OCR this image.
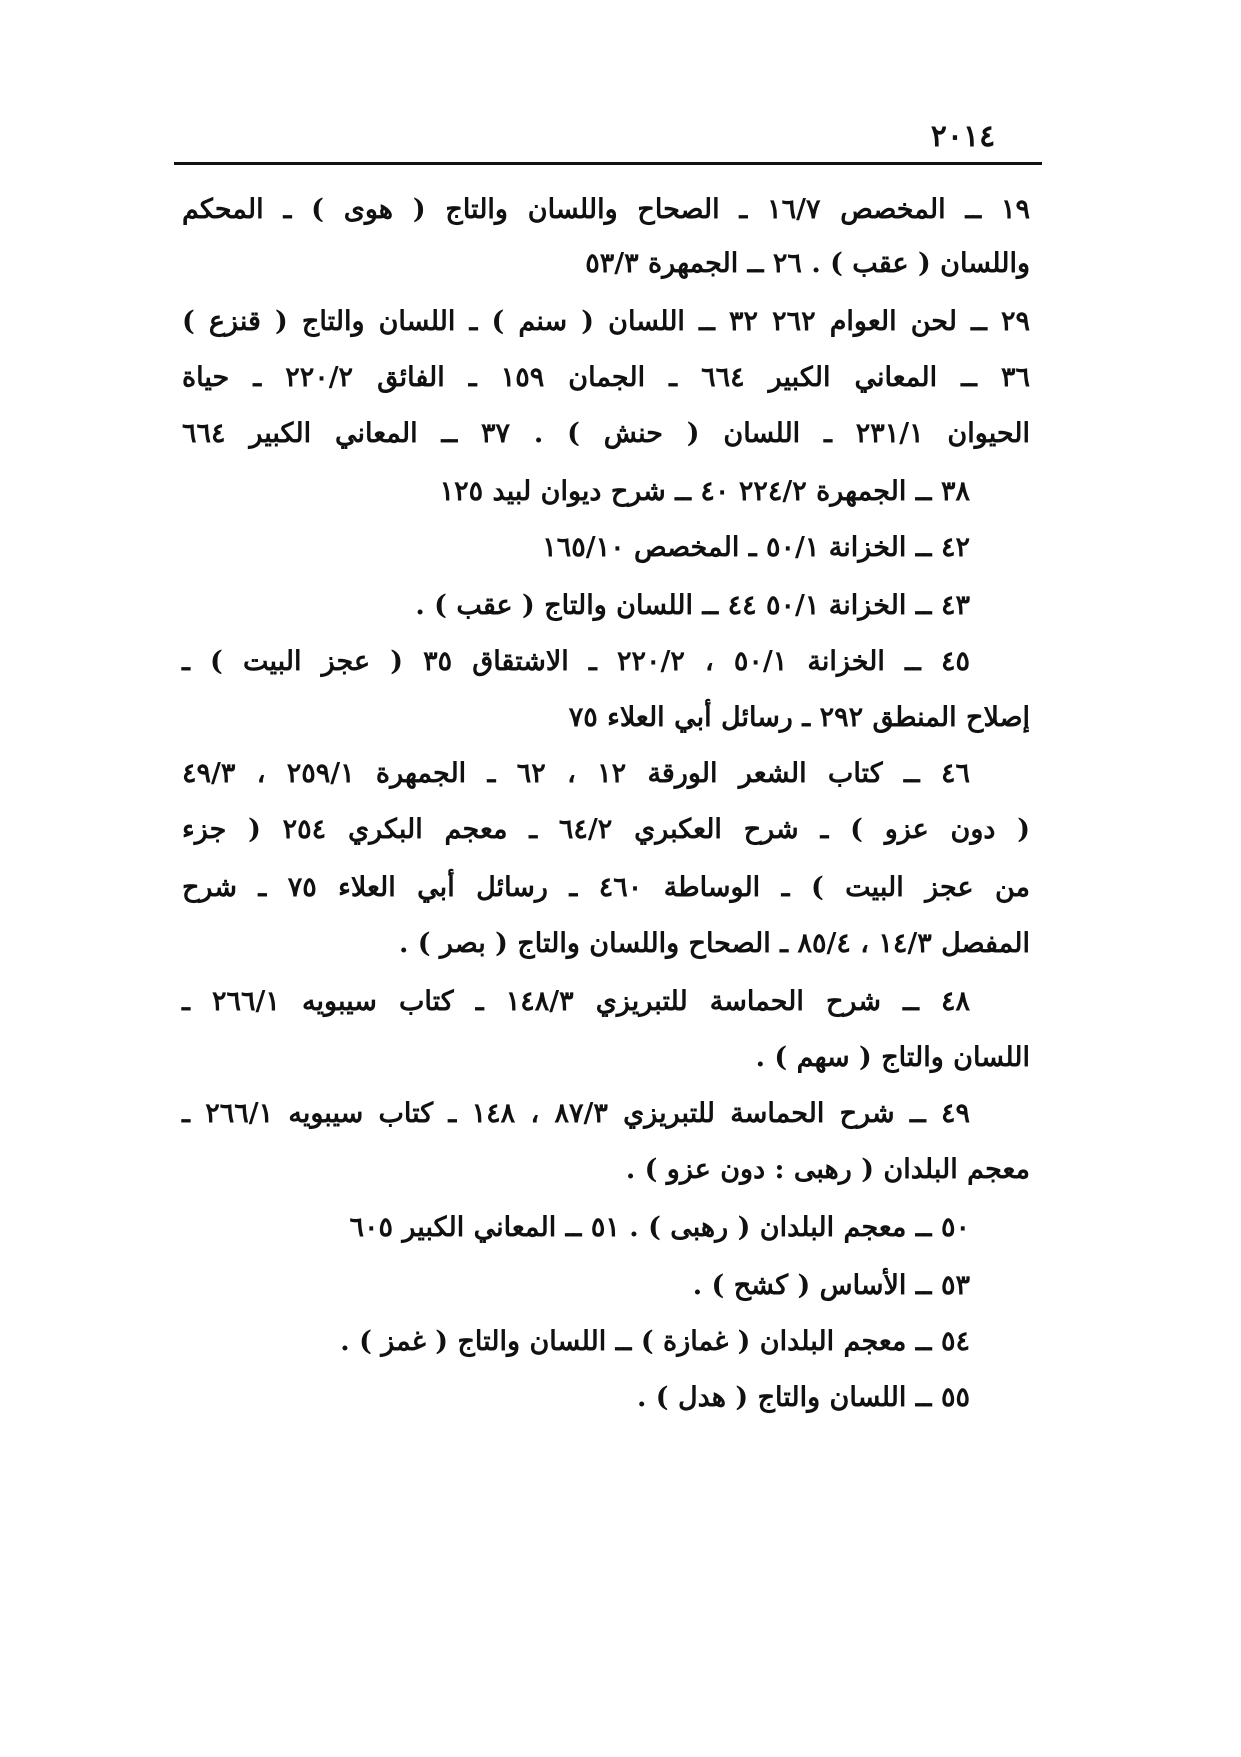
٢٠١٤
١٩ ــ المخصص ١٦/٧ ـ الصحاح واللسان والتاج ( هوى ) ـ المحكم
واللسان ( عقب ) . ٢٦ ــ الجمهرة ٥٣/٣
٢٩ ــ لحن العوام ٢٦٢ ٣٢ ــ اللسان ( سنم ) ـ اللسان والتاج ( قنزع )
٣٦ ــ المعاني الكبير ٦٦٤ ـ الجمان ١٥٩ ـ الفائق ٢٢٠/٢ ـ حياة
الحيوان ٢٣١/١ ـ اللسان ( حنش ) . ٣٧ ــ المعاني الكبير ٦٦٤
٣٨ ــ الجمهرة ٢٢٤/٢ ٤٠ ــ شرح ديوان لبيد ١٢٥
٤٢ ــ الخزانة ٥٠/١ ـ المخصص ١٦٥/١٠
٤٣ ــ الخزانة ٥٠/١ ٤٤ ــ اللسان والتاج ( عقب ) .
٤٥ ــ الخزانة ٥٠/١ ، ٢٢٠/٢ ـ الاشتقاق ٣٥ ( عجز البيت ) ـ
إصلاح المنطق ٢٩٢ ـ رسائل أبي العلاء ٧٥
٤٦ ــ كتاب الشعر الورقة ١٢ ، ٦٢ ـ الجمهرة ٢٥٩/١ ، ٤٩/٣
( دون عزو ) ـ شرح العكبري ٦٤/٢ ـ معجم البكري ٢٥٤ ( جزء
من عجز البيت ) ـ الوساطة ٤٦٠ ـ رسائل أبي العلاء ٧٥ ـ شرح
المفصل ١٤/٣ ، ٨٥/٤ ـ الصحاح واللسان والتاج ( بصر ) .
٤٨ ــ شرح الحماسة للتبريزي ١٤٨/٣ ـ كتاب سيبويه ٢٦٦/١ ـ
اللسان والتاج ( سهم ) .
٤٩ ــ شرح الحماسة للتبريزي ٨٧/٣ ، ١٤٨ ـ كتاب سيبويه ٢٦٦/١ ـ
معجم البلدان ( رهبى : دون عزو ) .
٥٠ ــ معجم البلدان ( رهبى ) . ٥١ ــ المعاني الكبير ٦٠٥
٥٣ ــ الأساس ( كشح ) .
٥٤ ــ معجم البلدان ( غمازة ) ــ اللسان والتاج ( غمز ) .
٥٥ ــ اللسان والتاج ( هدل ) .
